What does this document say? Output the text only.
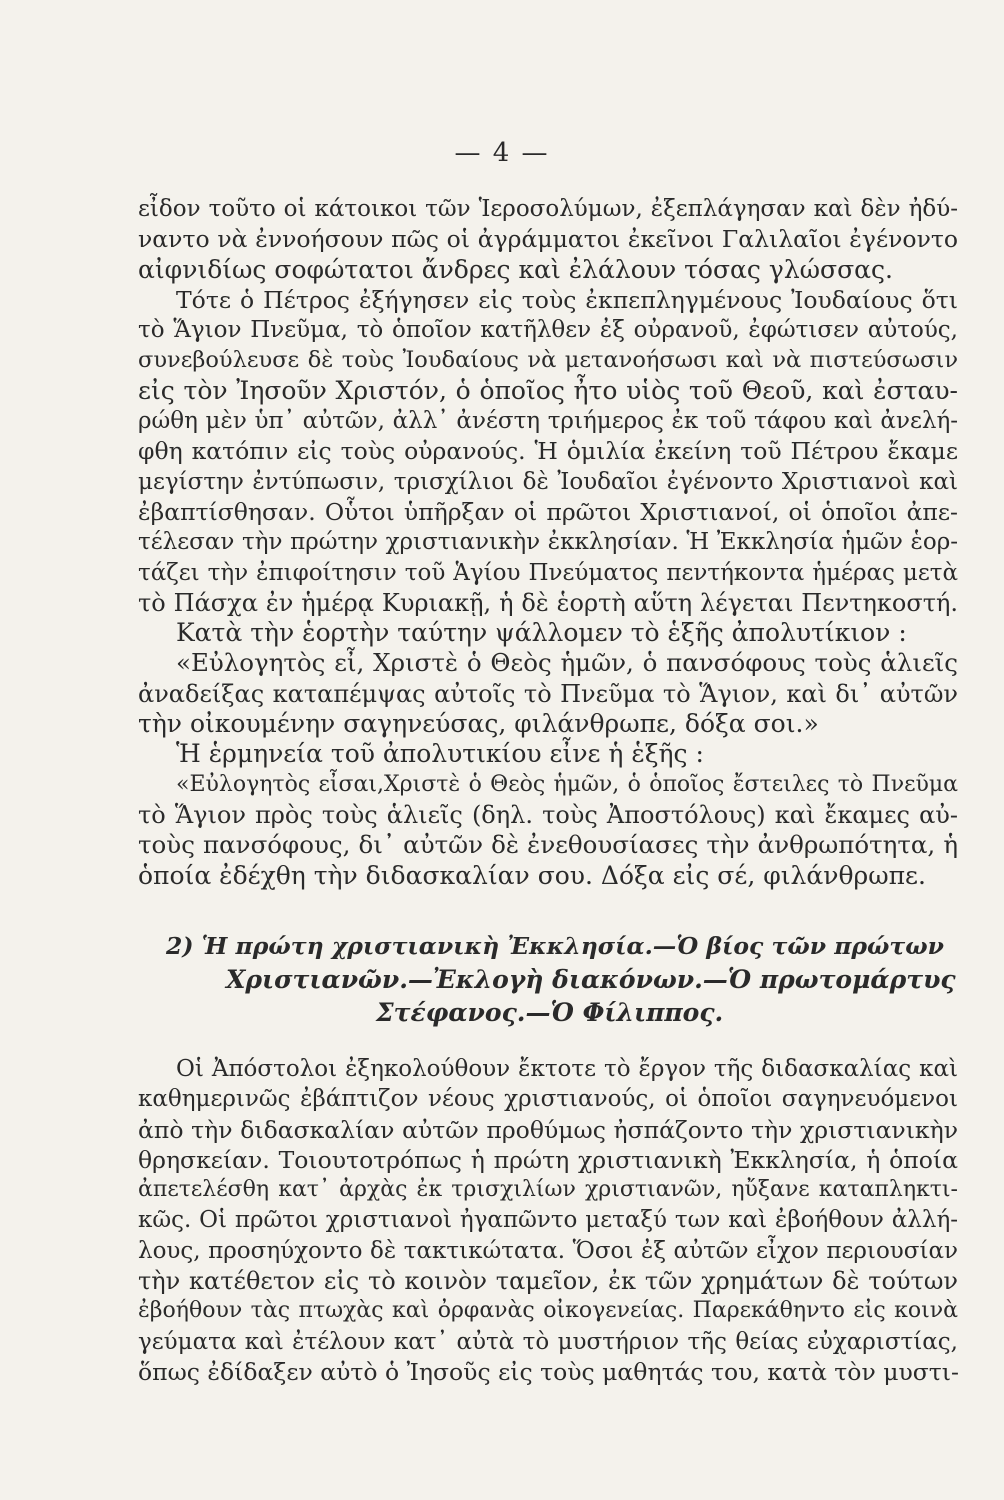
— 4 —
εἶδον τοῦτο οἱ κάτοικοι τῶν Ἱεροσολύμων, ἐξεπλάγησαν καὶ δὲν ἠδύ-
ναντο νὰ ἐννοήσουν πῶς οἱ ἀγράμματοι ἐκεῖνοι Γαλιλαῖοι ἐγένοντο
αἰφνιδίως σοφώτατοι ἄνδρες καὶ ἐλάλουν τόσας γλώσσας.
Τότε ὁ Πέτρος ἐξήγησεν εἰς τοὺς ἐκπεπληγμένους Ἰουδαίους ὅτι
τὸ Ἅγιον Πνεῦμα, τὸ ὁποῖον κατῆλθεν ἐξ οὐρανοῦ, ἐφώτισεν αὐτούς,
συνεβούλευσε δὲ τοὺς Ἰουδαίους νὰ μετανοήσωσι καὶ νὰ πιστεύσωσιν
εἰς τὸν Ἰησοῦν Χριστόν, ὁ ὁποῖος ἦτο υἱὸς τοῦ Θεοῦ, καὶ ἐσταυ-
ρώθη μὲν ὑπ᾿ αὐτῶν, ἀλλ᾿ ἀνέστη τριήμερος ἐκ τοῦ τάφου καὶ ἀνελή-
φθη κατόπιν εἰς τοὺς οὐρανούς. Ἡ ὁμιλία ἐκείνη τοῦ Πέτρου ἔκαμε
μεγίστην ἐντύπωσιν, τρισχίλιοι δὲ Ἰουδαῖοι ἐγένοντο Χριστιανοὶ καὶ
ἐβαπτίσθησαν. Οὗτοι ὑπῆρξαν οἱ πρῶτοι Χριστιανοί, οἱ ὁποῖοι ἀπε-
τέλεσαν τὴν πρώτην χριστιανικὴν ἐκκλησίαν. Ἡ Ἐκκλησία ἡμῶν ἑορ-
τάζει τὴν ἐπιφοίτησιν τοῦ Ἁγίου Πνεύματος πεντήκοντα ἡμέρας μετὰ
τὸ Πάσχα ἐν ἡμέρᾳ Κυριακῇ, ἡ δὲ ἑορτὴ αὕτη λέγεται Πεντηκοστή.
Κατὰ τὴν ἑορτὴν ταύτην ψάλλομεν τὸ ἑξῆς ἀπολυτίκιον :
«Εὐλογητὸς εἶ, Χριστὲ ὁ Θεὸς ἡμῶν, ὁ πανσόφους τοὺς ἁλιεῖς
ἀναδείξας καταπέμψας αὐτοῖς τὸ Πνεῦμα τὸ Ἅγιον, καὶ δι᾿ αὐτῶν
τὴν οἰκουμένην σαγηνεύσας, φιλάνθρωπε, δόξα σοι.»
Ἡ ἑρμηνεία τοῦ ἀπολυτικίου εἶνε ἡ ἑξῆς :
«Εὐλογητὸς εἶσαι,Χριστὲ ὁ Θεὸς ἡμῶν, ὁ ὁποῖος ἔστειλες τὸ Πνεῦμα
τὸ Ἅγιον πρὸς τοὺς ἁλιεῖς (δηλ. τοὺς Ἀποστόλους) καὶ ἔκαμες αὐ-
τοὺς πανσόφους, δι᾿ αὐτῶν δὲ ἐνεθουσίασες τὴν ἀνθρωπότητα, ἡ
ὁποία ἐδέχθη τὴν διδασκαλίαν σου. Δόξα εἰς σέ, φιλάνθρωπε.
2) Ἡ πρώτη χριστιανικὴ Ἐκκλησία.—Ὁ βίος τῶν πρώτων
Χριστιανῶν.—Ἐκλογὴ διακόνων.—Ὁ πρωτομάρτυς
Στέφανος.—Ὁ Φίλιππος.
Οἱ Ἀπόστολοι ἐξηκολούθουν ἔκτοτε τὸ ἔργον τῆς διδασκαλίας καὶ
καθημερινῶς ἐβάπτιζον νέους χριστιανούς, οἱ ὁποῖοι σαγηνευόμενοι
ἀπὸ τὴν διδασκαλίαν αὐτῶν προθύμως ἠσπάζοντο τὴν χριστιανικὴν
θρησκείαν. Τοιουτοτρόπως ἡ πρώτη χριστιανικὴ Ἐκκλησία, ἡ ὁποία
ἀπετελέσθη κατ᾿ ἀρχὰς ἐκ τρισχιλίων χριστιανῶν, ηὔξανε καταπληκτι-
κῶς. Οἱ πρῶτοι χριστιανοὶ ἠγαπῶντο μεταξύ των καὶ ἐβοήθουν ἀλλή-
λους, προσηύχοντο δὲ τακτικώτατα. Ὅσοι ἐξ αὐτῶν εἶχον περιουσίαν
τὴν κατέθετον εἰς τὸ κοινὸν ταμεῖον, ἐκ τῶν χρημάτων δὲ τούτων
ἐβοήθουν τὰς πτωχὰς καὶ ὀρφανὰς οἰκογενείας. Παρεκάθηντο εἰς κοινὰ
γεύματα καὶ ἐτέλουν κατ᾿ αὐτὰ τὸ μυστήριον τῆς θείας εὐχαριστίας,
ὅπως ἐδίδαξεν αὐτὸ ὁ Ἰησοῦς εἰς τοὺς μαθητάς του, κατὰ τὸν μυστι-
